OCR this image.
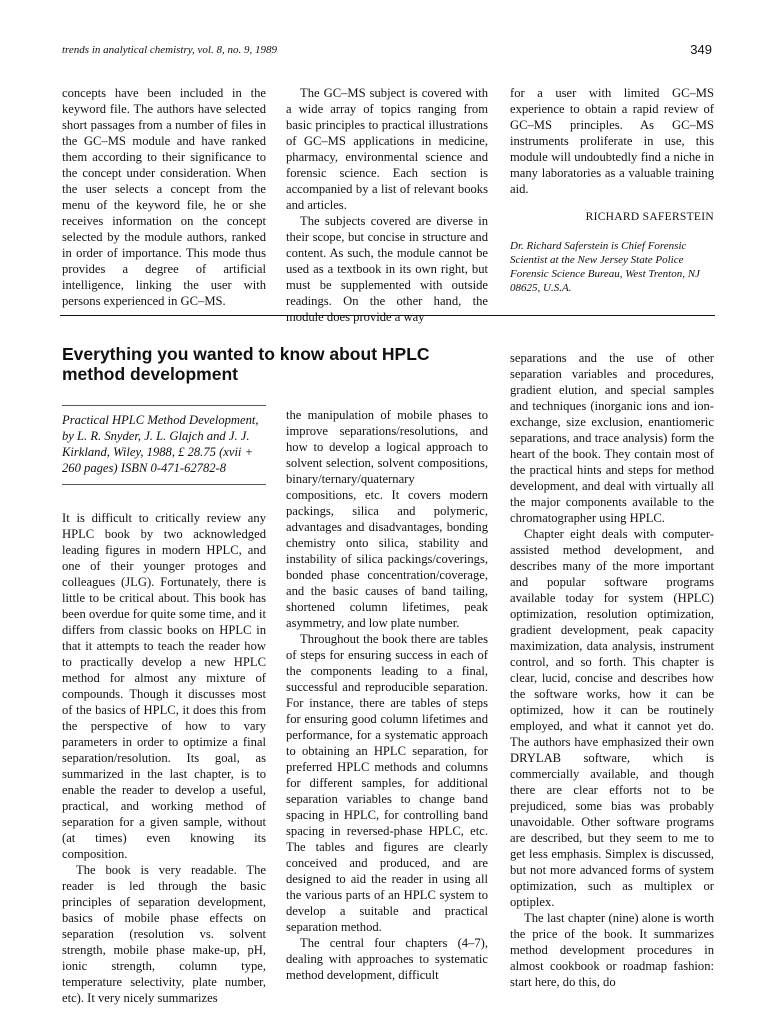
trends in analytical chemistry, vol. 8, no. 9, 1989	349

concepts have been included in the keyword file. The authors have selected short passages from a number of files in the GC–MS module and have ranked them according to their significance to the concept under consideration. When the user selects a concept from the menu of the keyword file, he or she receives information on the concept selected by the module authors, ranked in order of importance. This mode thus provides a degree of artificial intelligence, linking the user with persons experienced in GC–MS.

The GC–MS subject is covered with a wide array of topics ranging from basic principles to practical illustrations of GC–MS applications in medicine, pharmacy, environmental science and forensic science. Each section is accompanied by a list of relevant books and articles.

The subjects covered are diverse in their scope, but concise in structure and content. As such, the module cannot be used as a textbook in its own right, but must be supplemented with outside readings. On the other hand, the module does provide a way

for a user with limited GC–MS experience to obtain a rapid review of GC–MS principles. As GC–MS instruments proliferate in use, this module will undoubtedly find a niche in many laboratories as a valuable training aid.

RICHARD SAFERSTEIN
Dr. Richard Saferstein is Chief Forensic Scientist at the New Jersey State Police Forensic Science Bureau, West Trenton, NJ 08625, U.S.A.
Everything you wanted to know about HPLC method development
Practical HPLC Method Development, by L. R. Snyder, J. L. Glajch and J. J. Kirkland, Wiley, 1988, £ 28.75 (xvii + 260 pages) ISBN 0-471-62782-8

It is difficult to critically review any HPLC book by two acknowledged leading figures in modern HPLC, and one of their younger protoges and colleagues (JLG). Fortunately, there is little to be critical about. This book has been overdue for quite some time, and it differs from classic books on HPLC in that it attempts to teach the reader how to practically develop a new HPLC method for almost any mixture of compounds. Though it discusses most of the basics of HPLC, it does this from the perspective of how to vary parameters in order to optimize a final separation/resolution. Its goal, as summarized in the last chapter, is to enable the reader to develop a useful, practical, and working method of separation for a given sample, without (at times) even knowing its composition.

The book is very readable. The reader is led through the basic principles of separation development, basics of mobile phase effects on separation (resolution vs. solvent strength, mobile phase make-up, pH, ionic strength, column type, temperature selectivity, plate number, etc). It very nicely summarizes

the manipulation of mobile phases to improve separations/resolutions, and how to develop a logical approach to solvent selection, solvent compositions, binary/ternary/quaternary compositions, etc. It covers modern packings, silica and polymeric, advantages and disadvantages, bonding chemistry onto silica, stability and instability of silica packings/coverings, bonded phase concentration/coverage, and the basic causes of band tailing, shortened column lifetimes, peak asymmetry, and low plate number.

Throughout the book there are tables of steps for ensuring success in each of the components leading to a final, successful and reproducible separation. For instance, there are tables of steps for ensuring good column lifetimes and performance, for a systematic approach to obtaining an HPLC separation, for preferred HPLC methods and columns for different samples, for additional separation variables to change band spacing in HPLC, for controlling band spacing in reversed-phase HPLC, etc. The tables and figures are clearly conceived and produced, and are designed to aid the reader in using all the various parts of an HPLC system to develop a suitable and practical separation method.

The central four chapters (4–7), dealing with approaches to systematic method development, difficult

separations and the use of other separation variables and procedures, gradient elution, and special samples and techniques (inorganic ions and ion-exchange, size exclusion, enantiomeric separations, and trace analysis) form the heart of the book. They contain most of the practical hints and steps for method development, and deal with virtually all the major components available to the chromatographer using HPLC.

Chapter eight deals with computer-assisted method development, and describes many of the more important and popular software programs available today for system (HPLC) optimization, resolution optimization, gradient development, peak capacity maximization, data analysis, instrument control, and so forth. This chapter is clear, lucid, concise and describes how the software works, how it can be optimized, how it can be routinely employed, and what it cannot yet do. The authors have emphasized their own DRYLAB software, which is commercially available, and though there are clear efforts not to be prejudiced, some bias was probably unavoidable. Other software programs are described, but they seem to me to get less emphasis. Simplex is discussed, but not more advanced forms of system optimization, such as multiplex or optiplex.

The last chapter (nine) alone is worth the price of the book. It summarizes method development procedures in almost cookbook or roadmap fashion: start here, do this, do
